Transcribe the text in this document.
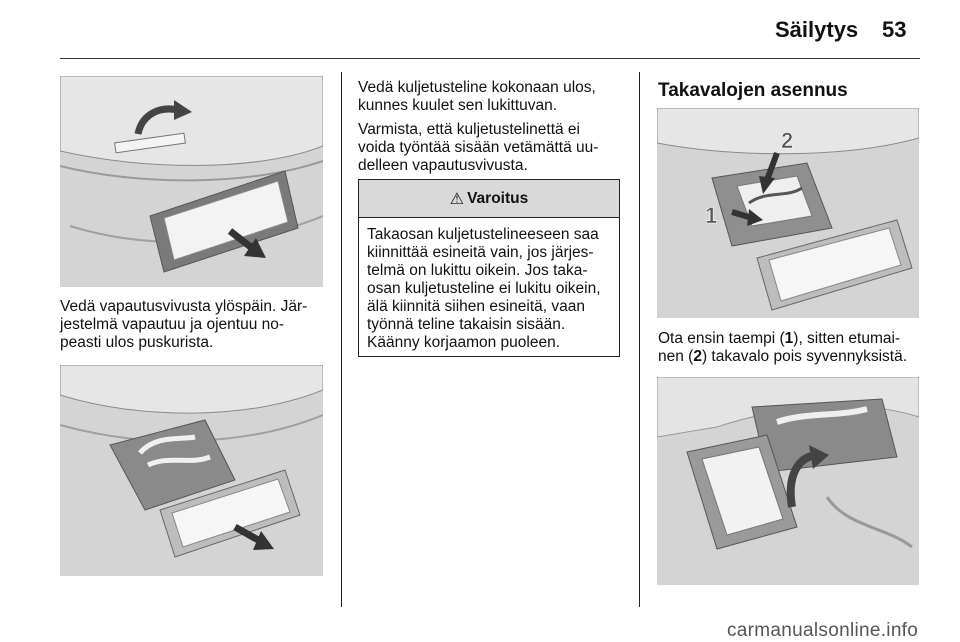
Säilytys 53
Vedä vapautusvivusta ylöspäin. Jär-
jestelmä vapautuu ja ojentuu no-
peasti ulos puskurista.
Vedä kuljetusteline kokonaan ulos,
kunnes kuulet sen lukittuvan.
Varmista, että kuljetustelinettä ei
voida työntää sisään vetämättä uu-
delleen vapautusvivusta.
⚠ Varoitus
Takaosan kuljetustelineeseen saa
kiinnittää esineitä vain, jos järjes-
telmä on lukittu oikein. Jos taka-
osan kuljetusteline ei lukitu oikein,
älä kiinnitä siihen esineitä, vaan
työnnä teline takaisin sisään.
Käänny korjaamon puoleen.
Takavalojen asennus
2
1
Ota ensin taempi (1), sitten etumai-
nen (2) takavalo pois syvennyksistä.
carmanualsonline.info
